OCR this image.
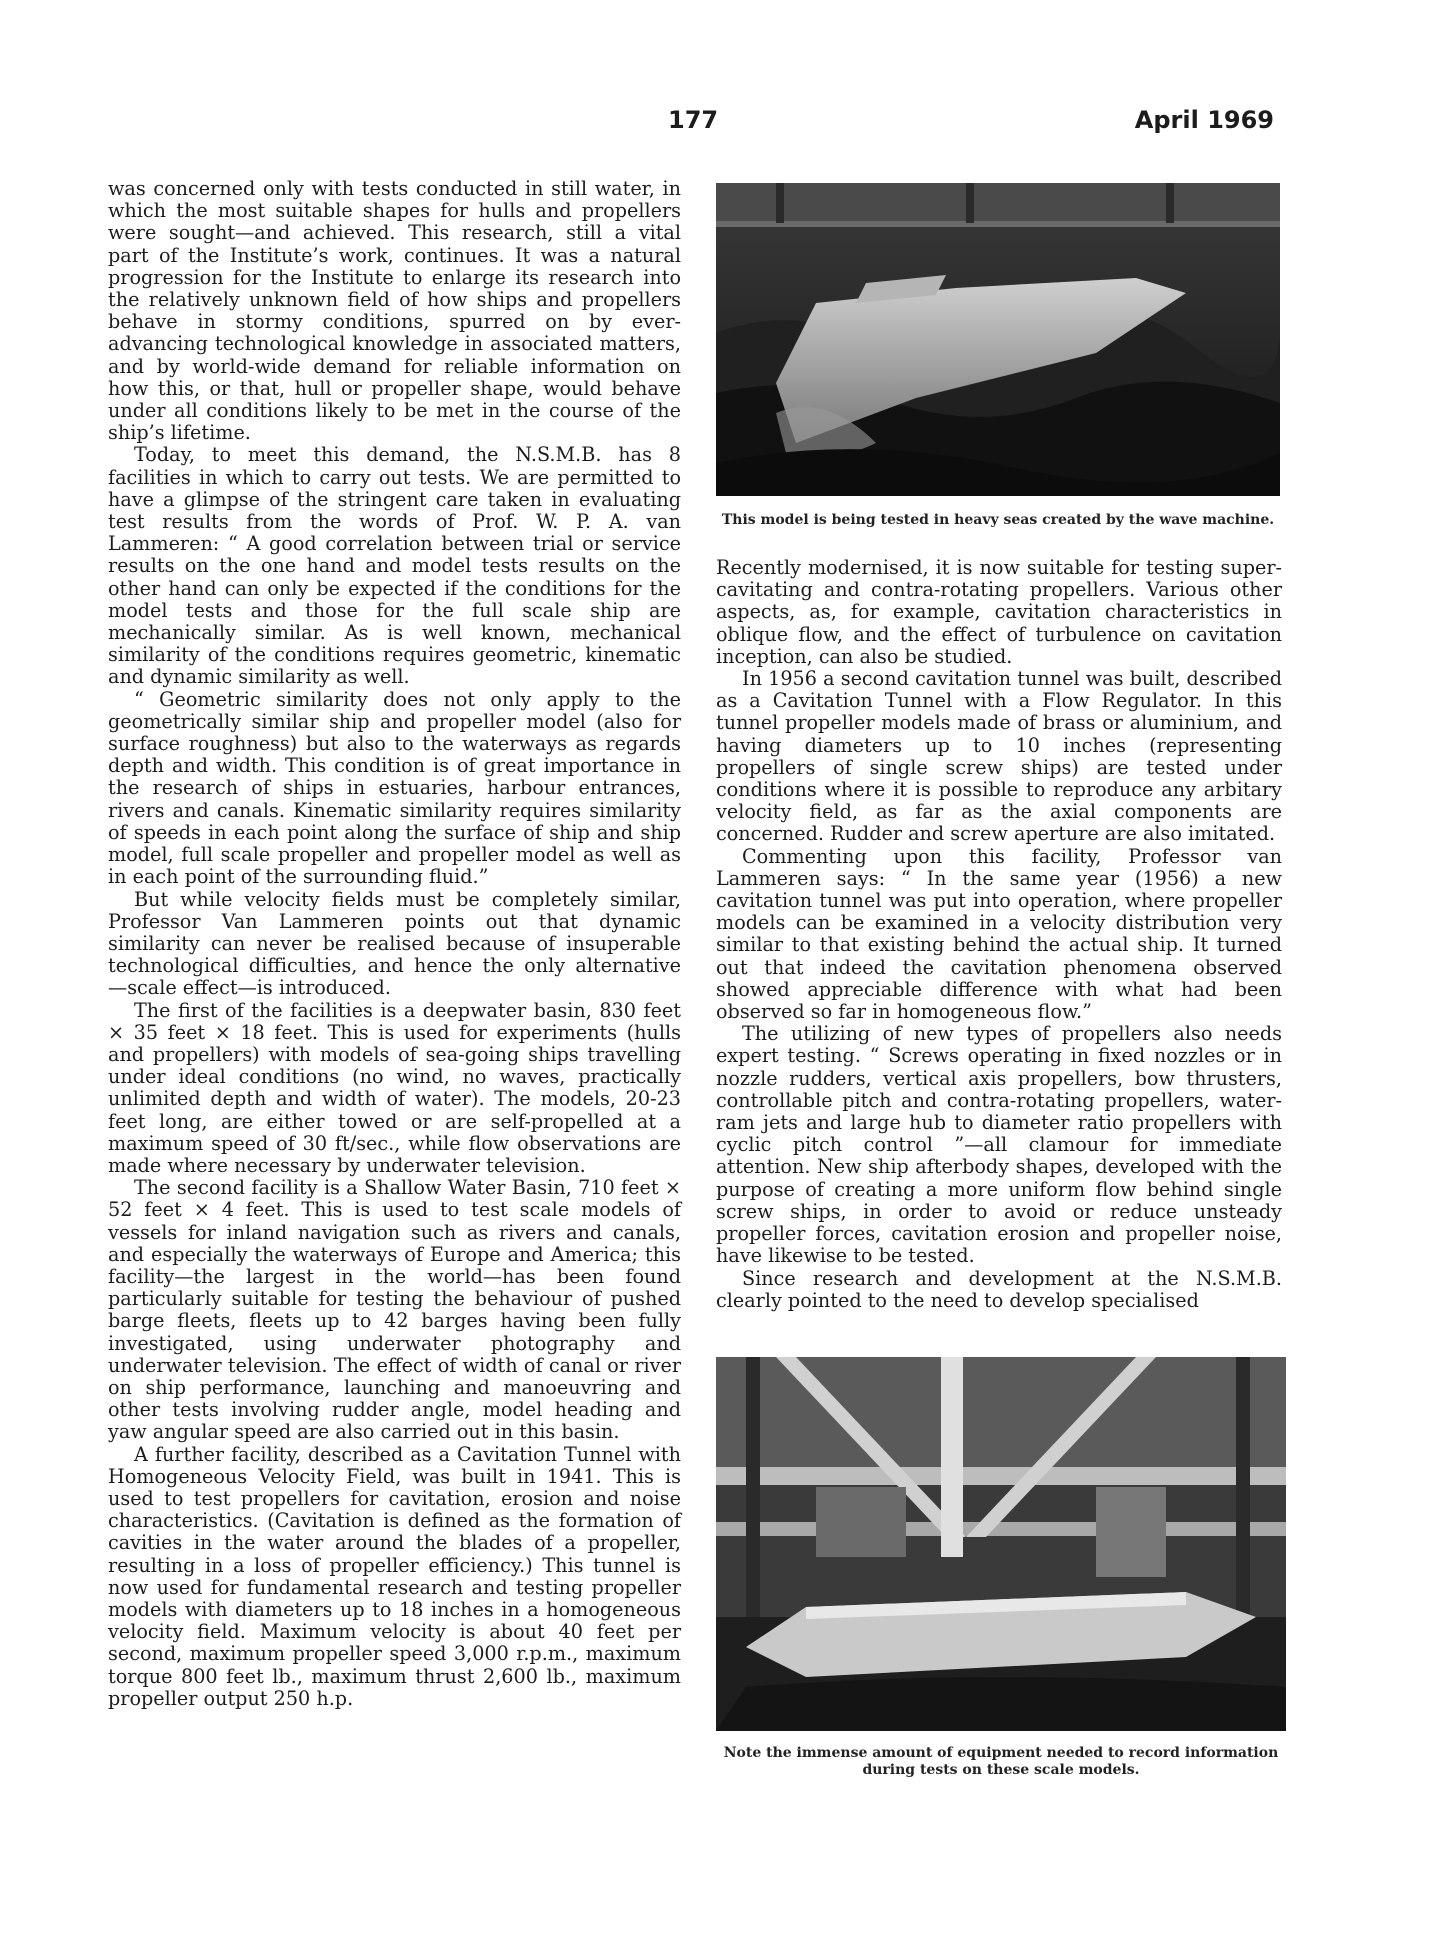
177	April 1969

was concerned only with tests conducted in still water, in which the most suitable shapes for hulls and propellers were sought—and achieved. This research, still a vital part of the Institute’s work, continues. It was a natural progression for the Institute to enlarge its research into the relatively unknown field of how ships and propellers behave in stormy conditions, spurred on by ever-advancing technological knowledge in associated matters, and by world-wide demand for reliable information on how this, or that, hull or propeller shape, would behave under all conditions likely to be met in the course of the ship’s lifetime.

Today, to meet this demand, the N.S.M.B. has 8 facilities in which to carry out tests. We are permitted to have a glimpse of the stringent care taken in evaluating test results from the words of Prof. W. P. A. van Lammeren: “ A good correlation between trial or service results on the one hand and model tests results on the other hand can only be expected if the conditions for the model tests and those for the full scale ship are mechanically similar. As is well known, mechanical similarity of the conditions requires geometric, kinematic and dynamic similarity as well.

“ Geometric similarity does not only apply to the geometrically similar ship and propeller model (also for surface roughness) but also to the waterways as regards depth and width. This condition is of great importance in the research of ships in estuaries, harbour entrances, rivers and canals. Kinematic similarity requires similarity of speeds in each point along the surface of ship and ship model, full scale propeller and propeller model as well as in each point of the surrounding fluid.”

But while velocity fields must be completely similar, Professor Van Lammeren points out that dynamic similarity can never be realised because of insuperable technological difficulties, and hence the only alternative —scale effect—is introduced.

The first of the facilities is a deepwater basin, 830 feet × 35 feet × 18 feet. This is used for experiments (hulls and propellers) with models of sea-going ships travelling under ideal conditions (no wind, no waves, practically unlimited depth and width of water). The models, 20-23 feet long, are either towed or are self-propelled at a maximum speed of 30 ft/sec., while flow observations are made where necessary by underwater television.

The second facility is a Shallow Water Basin, 710 feet × 52 feet × 4 feet. This is used to test scale models of vessels for inland navigation such as rivers and canals, and especially the waterways of Europe and America; this facility—the largest in the world—has been found particularly suitable for testing the behaviour of pushed barge fleets, fleets up to 42 barges having been fully investigated, using underwater photography and underwater television. The effect of width of canal or river on ship performance, launching and manoeuvring and other tests involving rudder angle, model heading and yaw angular speed are also carried out in this basin.

A further facility, described as a Cavitation Tunnel with Homogeneous Velocity Field, was built in 1941. This is used to test propellers for cavitation, erosion and noise characteristics. (Cavitation is defined as the formation of cavities in the water around the blades of a propeller, resulting in a loss of propeller efficiency.) This tunnel is now used for fundamental research and testing propeller models with diameters up to 18 inches in a homogeneous velocity field. Maximum velocity is about 40 feet per second, maximum propeller speed 3,000 r.p.m., maximum torque 800 feet lb., maximum thrust 2,600 lb., maximum propeller output 250 h.p.

This model is being tested in heavy seas created by the wave machine.

Recently modernised, it is now suitable for testing super-cavitating and contra-rotating propellers. Various other aspects, as, for example, cavitation characteristics in oblique flow, and the effect of turbulence on cavitation inception, can also be studied.

In 1956 a second cavitation tunnel was built, described as a Cavitation Tunnel with a Flow Regulator. In this tunnel propeller models made of brass or aluminium, and having diameters up to 10 inches (representing propellers of single screw ships) are tested under conditions where it is possible to reproduce any arbitary velocity field, as far as the axial components are concerned. Rudder and screw aperture are also imitated.

Commenting upon this facility, Professor van Lammeren says: “ In the same year (1956) a new cavitation tunnel was put into operation, where propeller models can be examined in a velocity distribution very similar to that existing behind the actual ship. It turned out that indeed the cavitation phenomena observed showed appreciable difference with what had been observed so far in homogeneous flow.”

The utilizing of new types of propellers also needs expert testing. “ Screws operating in fixed nozzles or in nozzle rudders, vertical axis propellers, bow thrusters, controllable pitch and contra-rotating propellers, water-ram jets and large hub to diameter ratio propellers with cyclic pitch control ”—all clamour for immediate attention. New ship afterbody shapes, developed with the purpose of creating a more uniform flow behind single screw ships, in order to avoid or reduce unsteady propeller forces, cavitation erosion and propeller noise, have likewise to be tested.

Since research and development at the N.S.M.B. clearly pointed to the need to develop specialised

Note the immense amount of equipment needed to record information during tests on these scale models.
